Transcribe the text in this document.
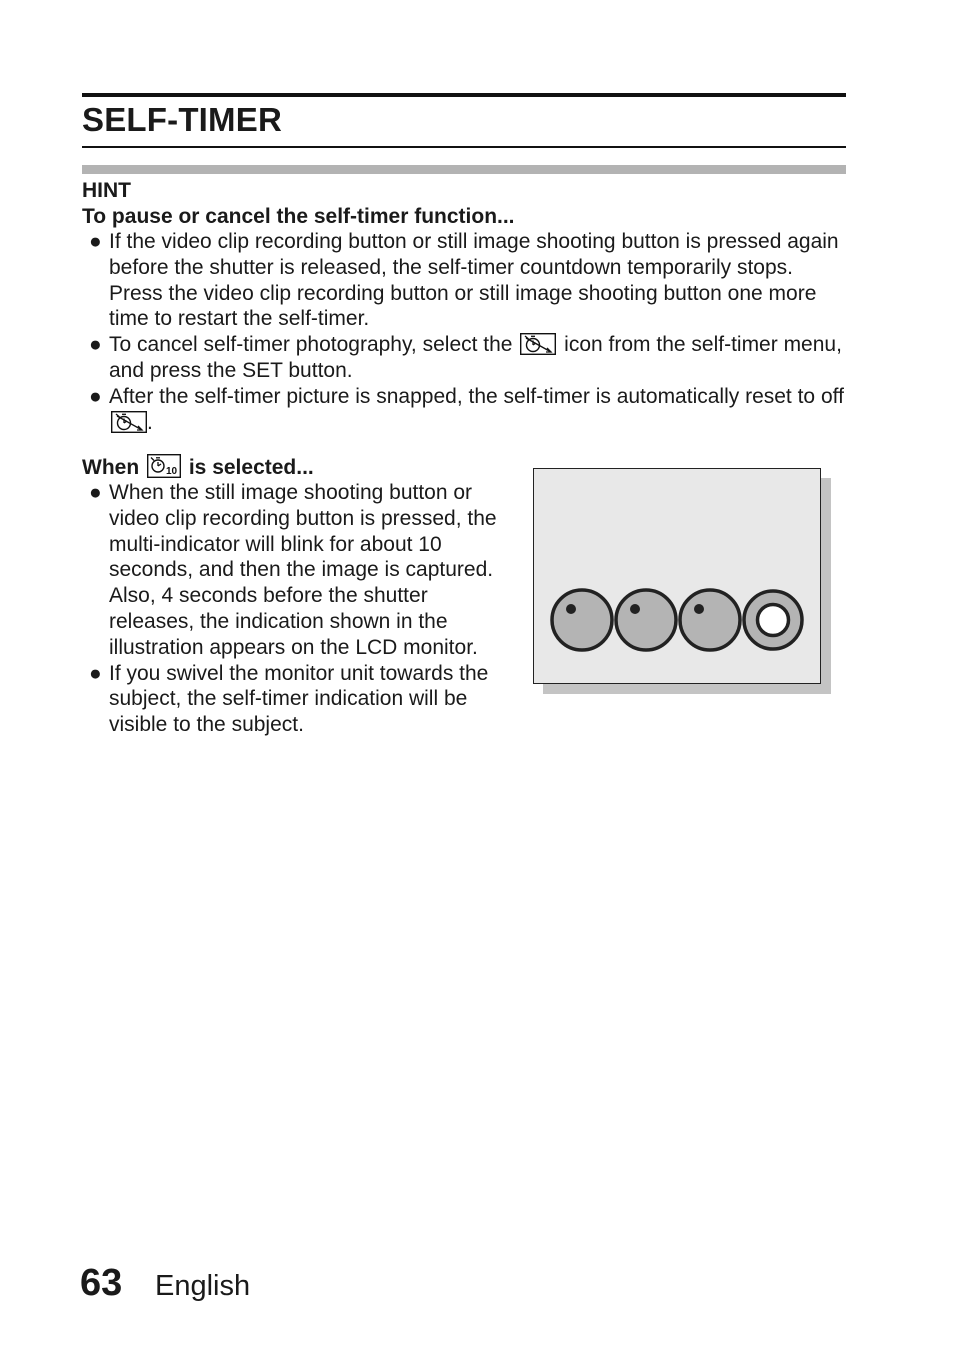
SELF-TIMER
HINT
To pause or cancel the self-timer function...
● If the video clip recording button or still image shooting button is pressed again before the shutter is released, the self-timer countdown temporarily stops. Press the video clip recording button or still image shooting button one more time to restart the self-timer.
● To cancel self-timer photography, select the icon from the self-timer menu, and press the SET button.
● After the self-timer picture is snapped, the self-timer is automatically reset to off .
When	10 is selected...
● When the still image shooting button or video clip recording button is pressed, the multi-indicator will blink for about 10 seconds, and then the image is captured. Also, 4 seconds before the shutter releases, the indication shown in the illustration appears on the LCD monitor.
● If you swivel the monitor unit towards the subject, the self-timer indication will be visible to the subject.
63 English
